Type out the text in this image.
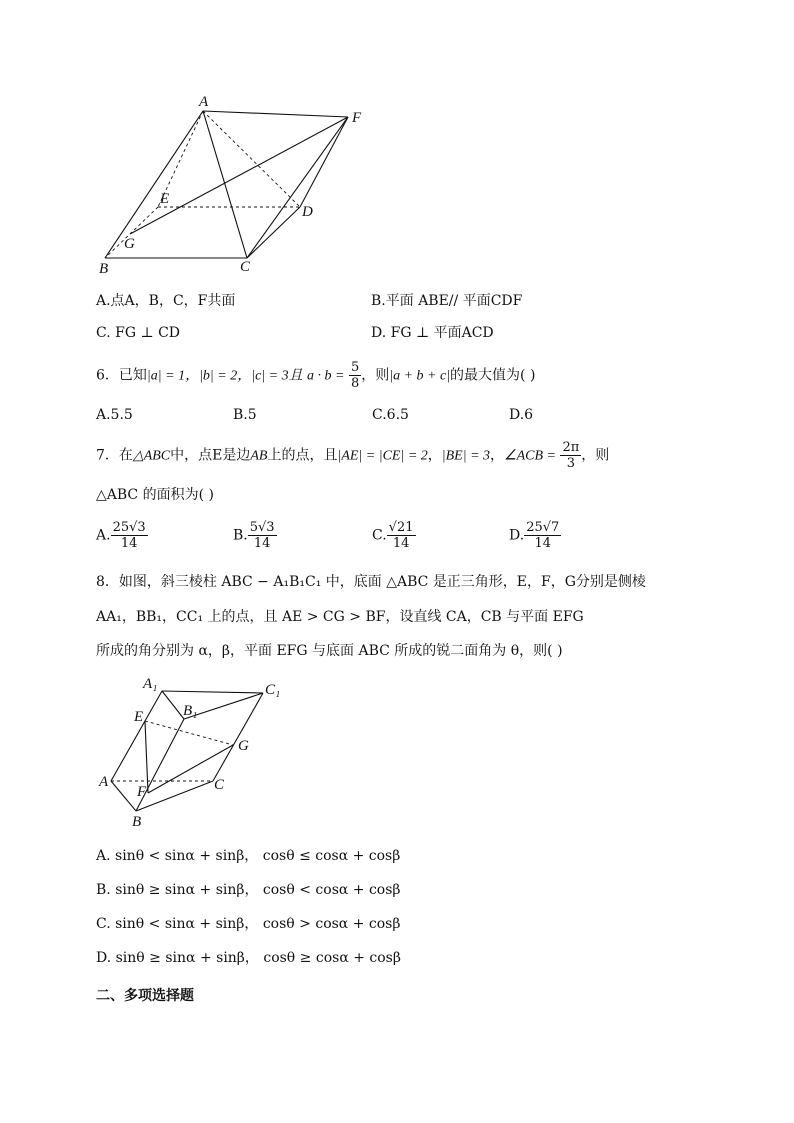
A
F
E
D
G
B	C
A.点A，B，C，F共面	B.平面 ABE// 平面CDF
C. FG ⊥ CD	D. FG ⊥ 平面ACD
6．已知|a| = 1，|b| = 2，|c| = 3且 $a \cdot b = \frac{5}{8}$ ，则|a + b + c|的最大值为( )
A.5.5	B.5	C.6.5	D.6
7．在△ABC中，点E是边AB上的点，且|AE| = |CE| = 2，|BE| = 3，∠ACB = $\frac{2\pi}{3}$ ，则
△ABC 的面积为( )
A. $\frac{25√3}{14}$	B. $\frac{5√3}{14}$	C. $\frac{√21}{14}$	D. $\frac{25√7}{14}$
8．如图，斜三棱柱 ABC − A₁B₁C₁ 中，底面 △ABC 是正三角形，E，F，G分别是侧棱
AA₁，BB₁，CC₁ 上的点，且 AE > CG > BF，设直线 CA，CB 与平面 EFG
所成的角分别为 α，β，平面 EFG 与底面 ABC 所成的锐二面角为 θ，则( )
A₁	C₁
B₁
E
G
A
F	C
B
A. sinθ < sinα + sinβ， cosθ ≤ cosα + cosβ
B. sinθ ≥ sinα + sinβ， cosθ < cosα + cosβ
C. sinθ < sinα + sinβ， cosθ > cosα + cosβ
D. sinθ ≥ sinα + sinβ， cosθ ≥ cosα + cosβ
二、多项选择题
